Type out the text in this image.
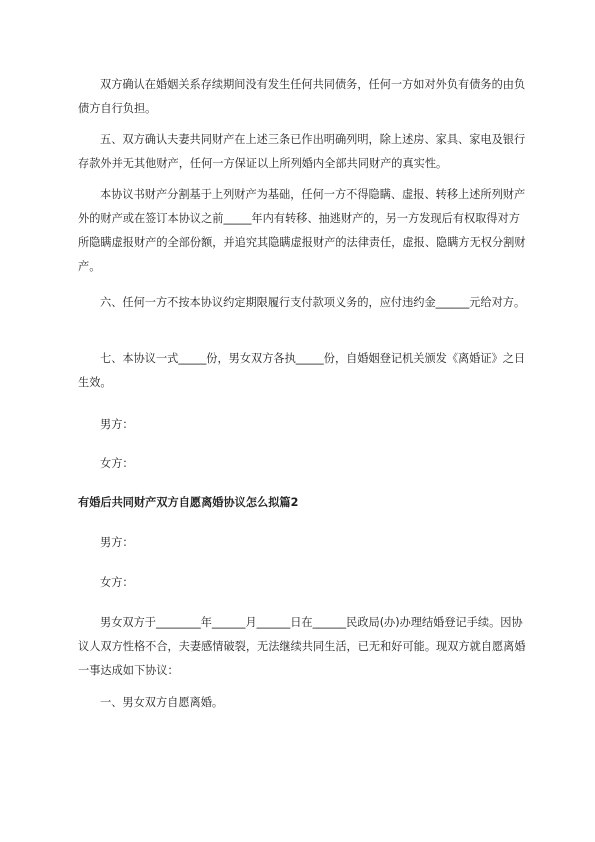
双方确认在婚姻关系存续期间没有发生任何共同债务，任何一方如对外负有债务的由负债方自行负担。

五、双方确认夫妻共同财产在上述三条已作出明确列明，除上述房、家具、家电及银行存款外并无其他财产，任何一方保证以上所列婚内全部共同财产的真实性。

本协议书财产分割基于上列财产为基础，任何一方不得隐瞒、虚报、转移上述所列财产外的财产或在签订本协议之前_____年内有转移、抽逃财产的，另一方发现后有权取得对方所隐瞒虚报财产的全部份额，并追究其隐瞒虚报财产的法律责任，虚报、隐瞒方无权分割财产。

六、任何一方不按本协议约定期限履行支付款项义务的，应付违约金______元给对方。

七、本协议一式_____份，男女双方各执_____份，自婚姻登记机关颁发《离婚证》之日生效。

男方：

女方：

有婚后共同财产双方自愿离婚协议怎么拟篇2

男方：

女方：

男女双方于________年______月______日在______民政局(办)办理结婚登记手续。因协议人双方性格不合，夫妻感情破裂，无法继续共同生活，已无和好可能。现双方就自愿离婚一事达成如下协议：

一、男女双方自愿离婚。
